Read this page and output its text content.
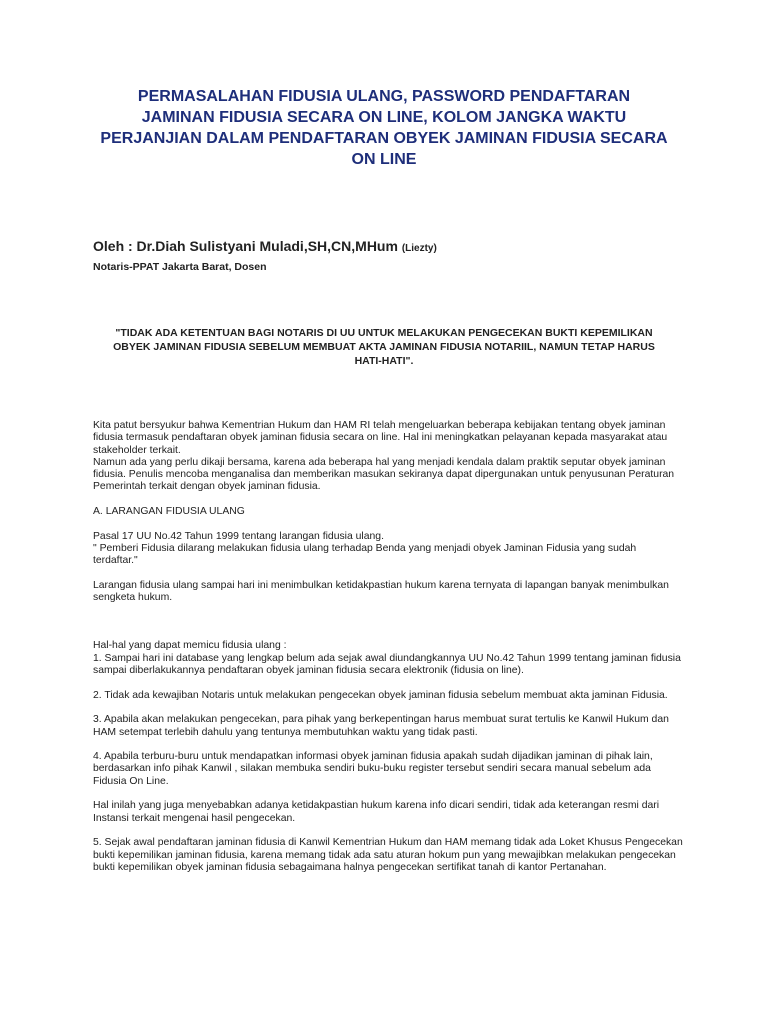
PERMASALAHAN FIDUSIA ULANG, PASSWORD PENDAFTARAN JAMINAN FIDUSIA SECARA ON LINE, KOLOM JANGKA WAKTU PERJANJIAN DALAM PENDAFTARAN OBYEK JAMINAN FIDUSIA SECARA ON LINE
Oleh : Dr.Diah Sulistyani Muladi,SH,CN,MHum (Liezty)
Notaris-PPAT Jakarta Barat, Dosen

"TIDAK ADA KETENTUAN BAGI NOTARIS DI UU UNTUK MELAKUKAN PENGECEKAN BUKTI KEPEMILIKAN OBYEK JAMINAN FIDUSIA SEBELUM MEMBUAT AKTA JAMINAN FIDUSIA NOTARIIL, NAMUN TETAP HARUS HATI-HATI".

Kita patut bersyukur bahwa Kementrian Hukum dan HAM RI telah mengeluarkan beberapa kebijakan tentang obyek jaminan fidusia termasuk pendaftaran obyek jaminan fidusia secara on line. Hal ini meningkatkan pelayanan kepada masyarakat atau stakeholder terkait.

Namun ada yang perlu dikaji bersama, karena ada beberapa hal yang menjadi kendala dalam praktik seputar obyek jaminan fidusia. Penulis mencoba menganalisa dan memberikan masukan sekiranya dapat dipergunakan untuk penyusunan Peraturan Pemerintah terkait dengan obyek jaminan fidusia.

A. LARANGAN FIDUSIA ULANG

Pasal 17 UU No.42 Tahun 1999 tentang larangan fidusia ulang.

" Pemberi Fidusia dilarang melakukan fidusia ulang terhadap Benda yang menjadi obyek Jaminan Fidusia yang sudah terdaftar."

Larangan fidusia ulang sampai hari ini menimbulkan ketidakpastian hukum karena ternyata di lapangan banyak menimbulkan sengketa hukum.

Hal-hal yang dapat memicu fidusia ulang :

1. Sampai hari ini database yang lengkap belum ada sejak awal diundangkannya UU No.42 Tahun 1999 tentang jaminan fidusia sampai diberlakukannya pendaftaran obyek jaminan fidusia secara elektronik (fidusia on line).

2. Tidak ada kewajiban Notaris untuk melakukan pengecekan obyek jaminan fidusia sebelum membuat akta jaminan Fidusia.

3. Apabila akan melakukan pengecekan, para pihak yang berkepentingan harus membuat surat tertulis ke Kanwil Hukum dan HAM setempat terlebih dahulu yang tentunya membutuhkan waktu yang tidak pasti.

4. Apabila terburu-buru untuk mendapatkan informasi obyek jaminan fidusia apakah sudah dijadikan jaminan di pihak lain, berdasarkan info pihak Kanwil , silakan membuka sendiri buku-buku register tersebut sendiri secara manual sebelum ada Fidusia On Line.

Hal inilah yang juga menyebabkan adanya ketidakpastian hukum karena info dicari sendiri, tidak ada keterangan resmi dari Instansi terkait mengenai hasil pengecekan.

5. Sejak awal pendaftaran jaminan fidusia di Kanwil Kementrian Hukum dan HAM memang tidak ada Loket Khusus Pengecekan bukti kepemilikan jaminan fidusia, karena memang tidak ada satu aturan hokum pun yang mewajibkan melakukan pengecekan bukti kepemilikan obyek jaminan fidusia sebagaimana halnya pengecekan sertifikat tanah di kantor Pertanahan.
